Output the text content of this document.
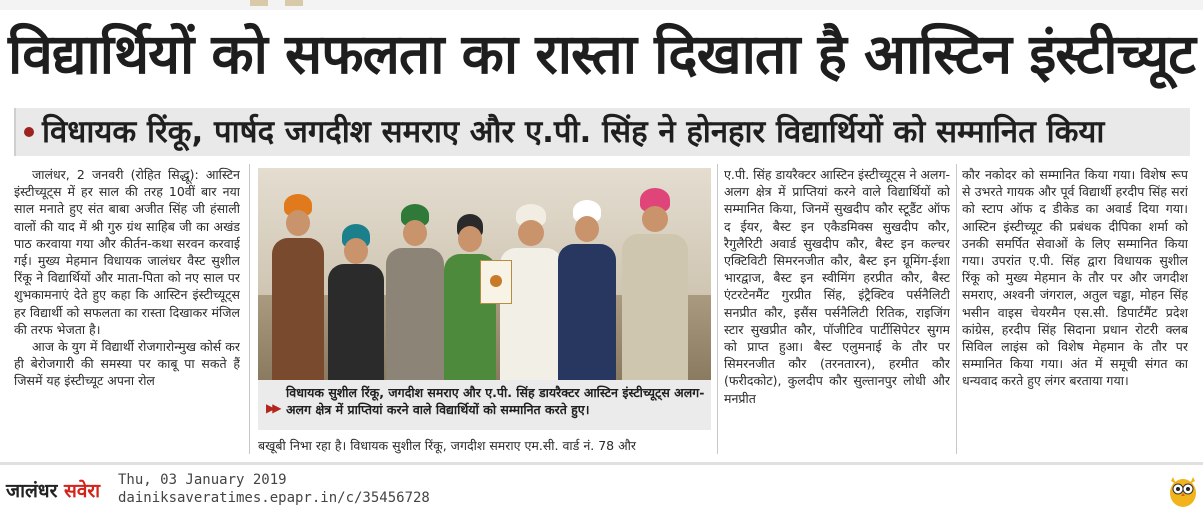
विद्यार्थियों को सफलता का रास्ता दिखाता है आस्टिन इंस्टीच्यूट
विधायक रिंकू, पार्षद जगदीश समराए और ए.पी. सिंह ने होनहार विद्यार्थियों को सम्मानित किया

जालंधर, 2 जनवरी (रोहित सिद्धू): आस्टिन इंस्टीच्यूट्स में हर साल की तरह 10वीं बार नया साल मनाते हुए संत बाबा अजीत सिंह जी हंसाली वालों की याद में श्री गुरु ग्रंथ साहिब जी का अखंड पाठ करवाया गया और कीर्तन-कथा सरवन करवाई गई। मुख्य मेहमान विधायक जालंधर वैस्ट सुशील रिंकू ने विद्यार्थियों और माता-पिता को नए साल पर शुभकामनाएं देते हुए कहा कि आस्टिन इंस्टीच्यूट्स हर विद्यार्थी को सफलता का रास्ता दिखाकर मंजिल की तरफ भेजता है।

आज के युग में विद्यार्थी रोजगारोन्मुख कोर्स कर ही बेरोजगारी की समस्या पर काबू पा सकते हैं जिसमें यह इंस्टीच्यूट अपना रोल

▶▶
विधायक सुशील रिंकू, जगदीश समराए और ए.पी. सिंह डायरैक्टर आस्टिन इंस्टीच्यूट्स अलग-अलग क्षेत्र में प्राप्तियां करने वाले विद्यार्थियों को सम्मानित करते हुए।
बखूबी निभा रहा है। विधायक सुशील रिंकू, जगदीश समराए एम.सी. वार्ड नं. 78 और

ए.पी. सिंह डायरैक्टर आस्टिन इंस्टीच्यूट्स ने अलग-अलग क्षेत्र में प्राप्तियां करने वाले विद्यार्थियों को सम्मानित किया, जिनमें सुखदीप कौर स्टूडैंट ऑफ द ईयर, बैस्ट इन एकैडमिक्स सुखदीप कौर, रैगुलैरिटी अवार्ड सुखदीप कौर, बैस्ट इन कल्चर एक्टिविटी सिमरनजीत कौर, बैस्ट इन ग्रूमिंग-ईशा भारद्वाज, बैस्ट इन स्वीमिंग हरप्रीत कौर, बैस्ट एंटरटेनमैंट गुरप्रीत सिंह, इंट्रैक्टिव पर्सनैलिटी सनप्रीत कौर, इसैंस पर्सनैलिटी रितिक, राइजिंग स्टार सुखप्रीत कौर, पॉजीटिव पार्टीसिपेटर सुगम को प्राप्त हुआ। बैस्ट एलुमनाई के तौर पर सिमरनजीत कौर (तरनतारन), हरमीत कौर (फरीदकोट), कुलदीप कौर सुल्तानपुर लोधी और मनप्रीत

कौर नकोदर को सम्मानित किया गया। विशेष रूप से उभरते गायक और पूर्व विद्यार्थी हरदीप सिंह सरां को स्टाप ऑफ द डीकेड का अवार्ड दिया गया। आस्टिन इंस्टीच्यूट की प्रबंधक दीपिका शर्मा को उनकी समर्पित सेवाओं के लिए सम्मानित किया गया। उपरांत ए.पी. सिंह द्वारा विधायक सुशील रिंकू को मुख्य मेहमान के तौर पर और जगदीश समराए, अश्वनी जंगराल, अतुल चड्ढा, मोहन सिंह भसीन वाइस चेयरमैन एस.सी. डिपार्टमैंट प्रदेश कांग्रेस, हरदीप सिंह सिदाना प्रधान रोटरी क्लब सिविल लाइंस को विशेष मेहमान के तौर पर सम्मानित किया गया। अंत में समूची संगत का धन्यवाद करते हुए लंगर बरताया गया।

जालंधर सवेरा Thu, 03 January 2019
dainiksaveratimes.epapr.in/c/35456728
